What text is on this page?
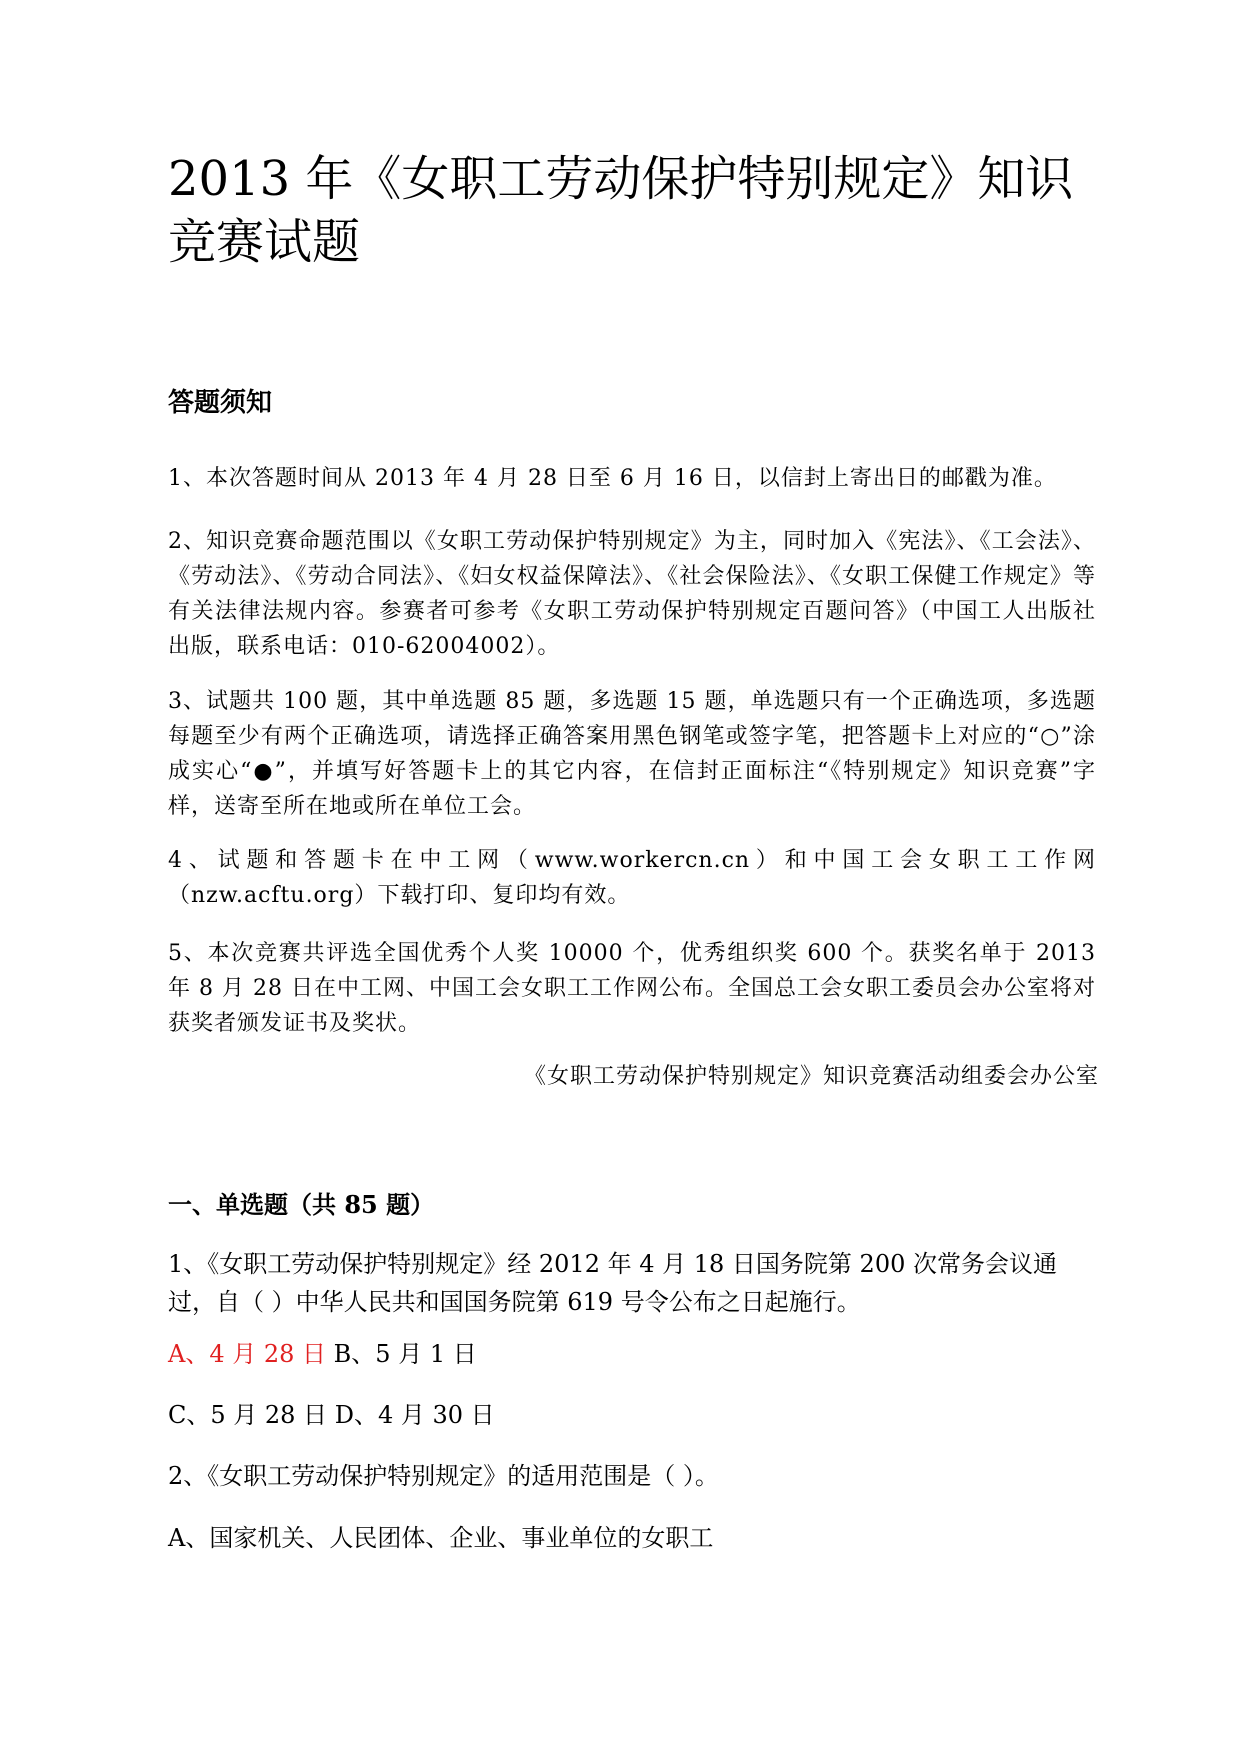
2013 年《女职工劳动保护特别规定》知识竞赛试题
答题须知

1、本次答题时间从 2013 年 4 月 28 日至 6 月 16 日，以信封上寄出日的邮戳为准。

2、知识竞赛命题范围以《女职工劳动保护特别规定》为主，同时加入《宪法》、《工会法》、《劳动法》、《劳动合同法》、《妇女权益保障法》、《社会保险法》、《女职工保健工作规定》等有关法律法规内容。参赛者可参考《女职工劳动保护特别规定百题问答》（中国工人出版社出版，联系电话：010-62004002）。

3、试题共 100 题，其中单选题 85 题，多选题 15 题，单选题只有一个正确选项，多选题每题至少有两个正确选项，请选择正确答案用黑色钢笔或签字笔，把答题卡上对应的“○”涂成实心“●”，并填写好答题卡上的其它内容，在信封正面标注“《特别规定》知识竞赛”字样，送寄至所在地或所在单位工会。

4、试题和答题卡在中工网（www.workercn.cn）和中国工会女职工工作网（nzw.acftu.org）下载打印、复印均有效。

5、本次竞赛共评选全国优秀个人奖 10000 个，优秀组织奖 600 个。获奖名单于 2013 年 8 月 28 日在中工网、中国工会女职工工作网公布。全国总工会女职工委员会办公室将对获奖者颁发证书及奖状。

《女职工劳动保护特别规定》知识竞赛活动组委会办公室

一、单选题（共 85 题）

1、《女职工劳动保护特别规定》经 2012 年 4 月 18 日国务院第 200 次常务会议通过，自（ ）中华人民共和国国务院第 619 号令公布之日起施行。

A、4 月 28 日 B、5 月 1 日

C、5 月 28 日 D、4 月 30 日

2、《女职工劳动保护特别规定》的适用范围是（ ）。

A、国家机关、人民团体、企业、事业单位的女职工
